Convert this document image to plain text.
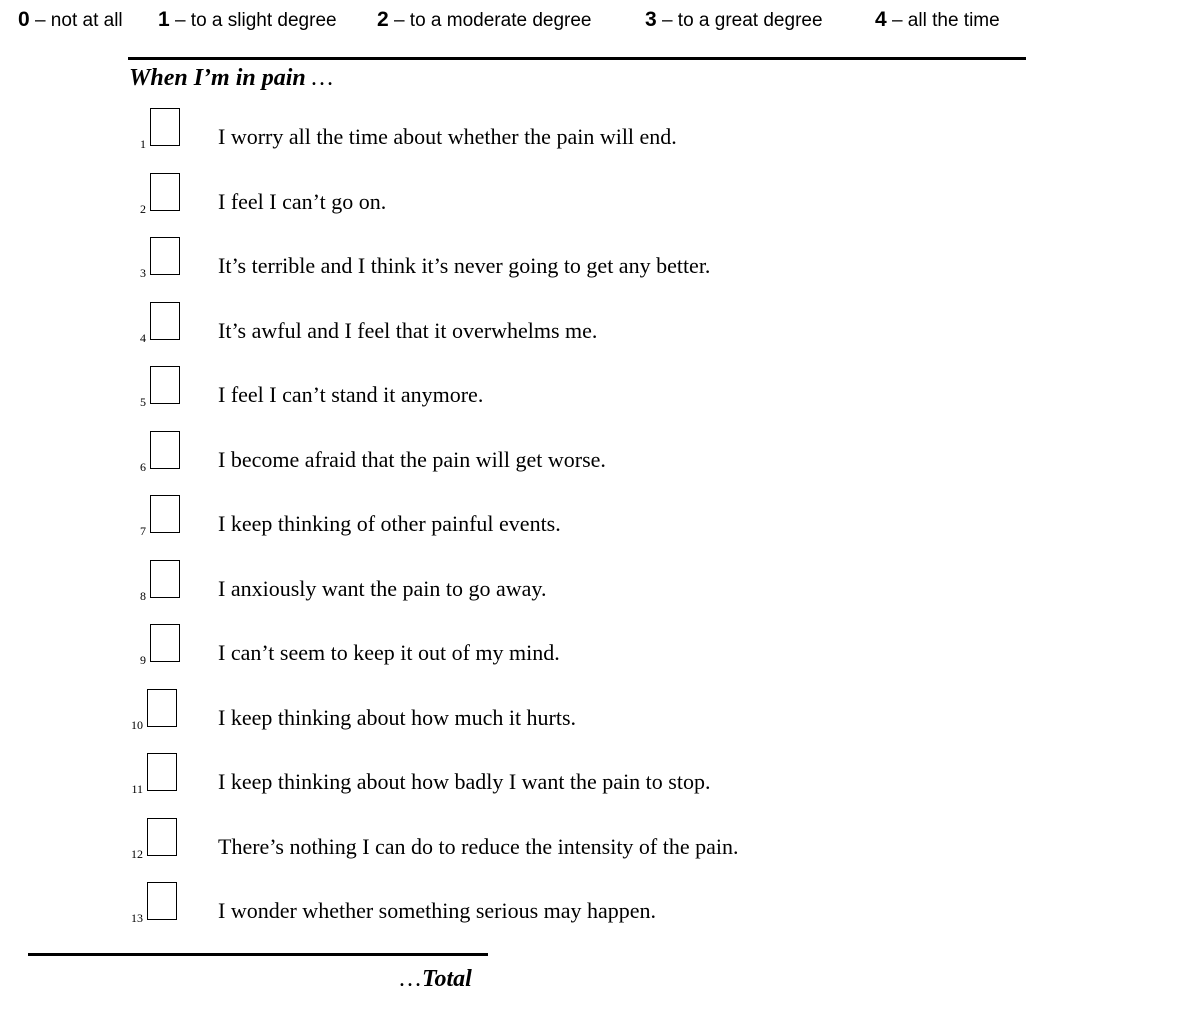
0 – not at all 1 – to a slight degree 2 – to a moderate degree	3 – to a great degree 4 – all the time
When I’m in pain …
1	I worry all the time about whether the pain will end.
2	I feel I can’t go on.
3	It’s terrible and I think it’s never going to get any better.
4	It’s awful and I feel that it overwhelms me.
5	I feel I can’t stand it anymore.
6	I become afraid that the pain will get worse.
7	I keep thinking of other painful events.
8	I anxiously want the pain to go away.
9	I can’t seem to keep it out of my mind.
10	I keep thinking about how much it hurts.
11	I keep thinking about how badly I want the pain to stop.
12	There’s nothing I can do to reduce the intensity of the pain.
13	I wonder whether something serious may happen.
…Total
